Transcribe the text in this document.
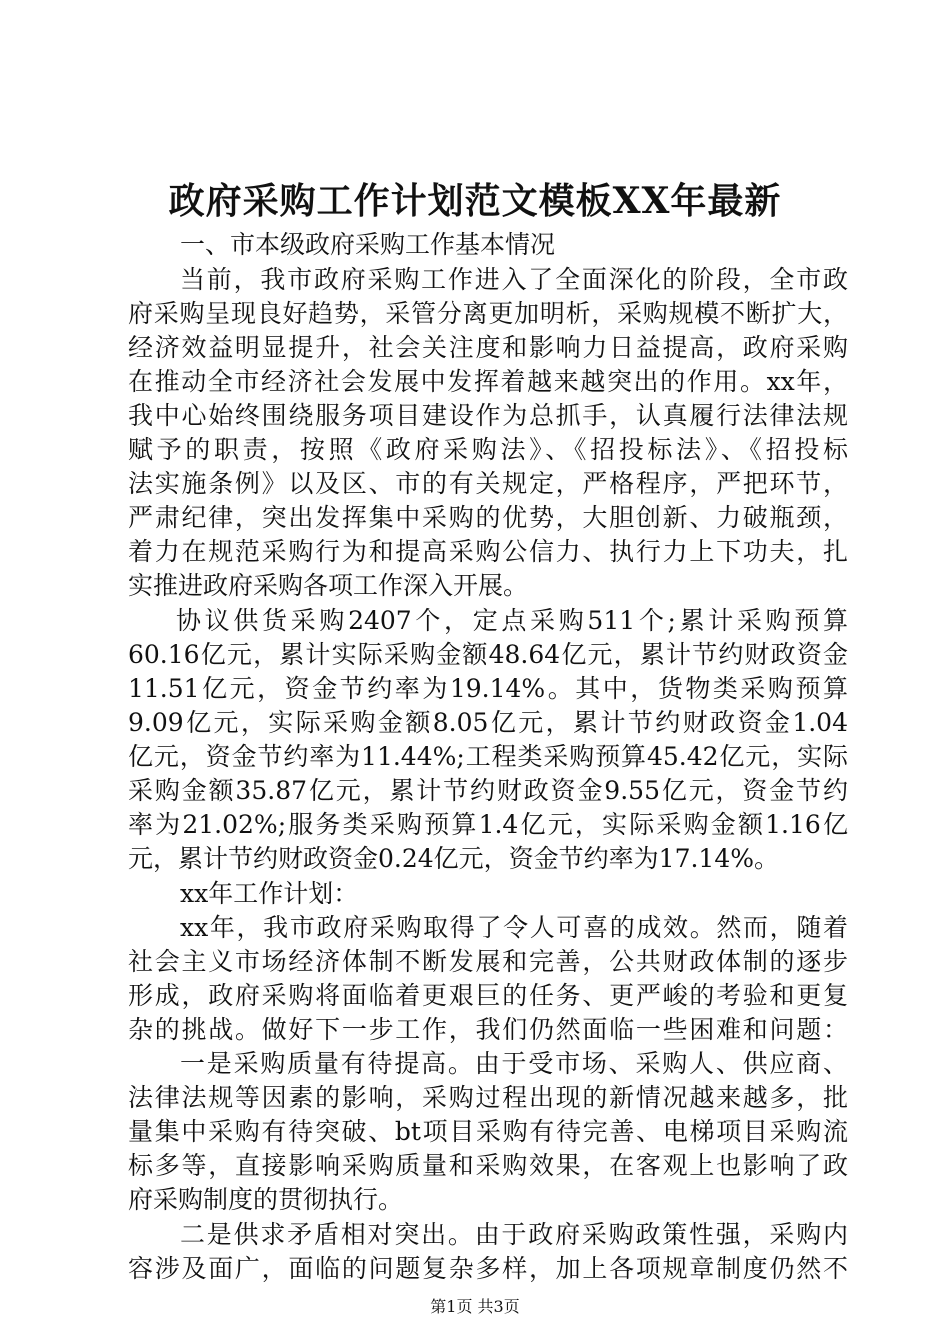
政府采购工作计划范文模板XX年最新
一、市本级政府采购工作基本情况
当前，我市政府采购工作进入了全面深化的阶段，全市政
府采购呈现良好趋势，采管分离更加明析，采购规模不断扩大，
经济效益明显提升，社会关注度和影响力日益提高，政府采购
在推动全市经济社会发展中发挥着越来越突出的作用。xx年，
我中心始终围绕服务项目建设作为总抓手，认真履行法律法规
赋予的职责，按照《政府采购法》、《招投标法》、《招投标
法实施条例》以及区、市的有关规定，严格程序，严把环节，
严肃纪律，突出发挥集中采购的优势，大胆创新、力破瓶颈，
着力在规范采购行为和提高采购公信力、执行力上下功夫，扎
实推进政府采购各项工作深入开展。
协议供货采购2407个，定点采购511个;累计采购预算
60.16亿元，累计实际采购金额48.64亿元，累计节约财政资金
11.51亿元，资金节约率为19.14%。其中，货物类采购预算
9.09亿元，实际采购金额8.05亿元，累计节约财政资金1.04
亿元，资金节约率为11.44%;工程类采购预算45.42亿元，实际
采购金额35.87亿元，累计节约财政资金9.55亿元，资金节约
率为21.02%;服务类采购预算1.4亿元，实际采购金额1.16亿
元，累计节约财政资金0.24亿元，资金节约率为17.14%。
xx年工作计划：
xx年，我市政府采购取得了令人可喜的成效。然而，随着
社会主义市场经济体制不断发展和完善，公共财政体制的逐步
形成，政府采购将面临着更艰巨的任务、更严峻的考验和更复
杂的挑战。做好下一步工作，我们仍然面临一些困难和问题：
一是采购质量有待提高。由于受市场、采购人、供应商、
法律法规等因素的影响，采购过程出现的新情况越来越多，批
量集中采购有待突破、bt项目采购有待完善、电梯项目采购流
标多等，直接影响采购质量和采购效果，在客观上也影响了政
府采购制度的贯彻执行。
二是供求矛盾相对突出。由于政府采购政策性强，采购内
容涉及面广，面临的问题复杂多样，加上各项规章制度仍然不
第1页 共3页
